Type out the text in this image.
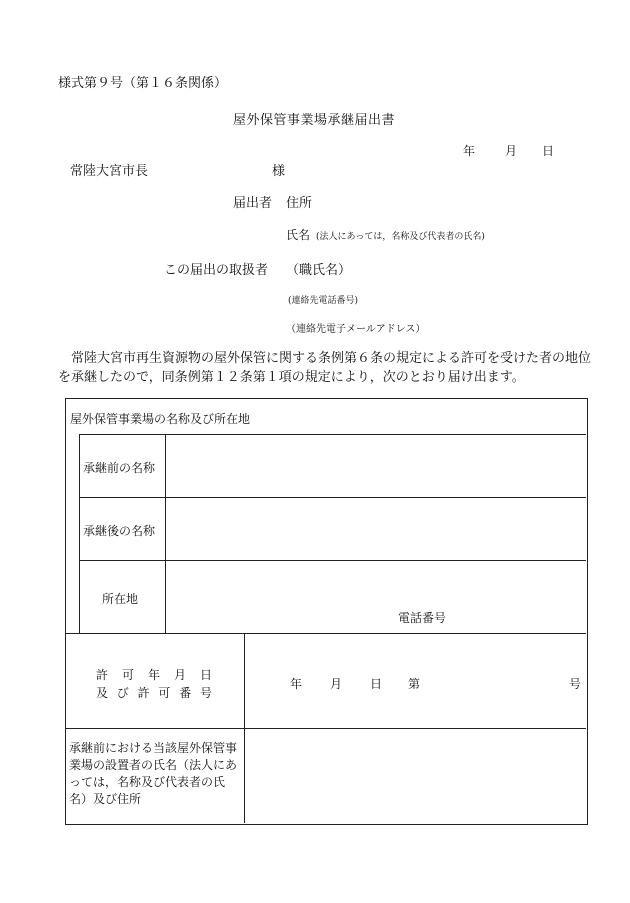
様式第９号（第１６条関係）
屋外保管事業場承継届出書
年 月 日
常陸大宮市長	様
届出者 住所
氏名 (法人にあっては，名称及び代表者の氏名)
この届出の取扱者 （職氏名）
(連絡先電話番号)
（連絡先電子メールアドレス）
常陸大宮市再生資源物の屋外保管に関する条例第６条の規定による許可を受けた者の地位を承継したので，同条例第１２条第１項の規定により，次のとおり届け出ます。
屋外保管事業場の名称及び所在地
承継前の名称
承継後の名称
所在地
電話番号
許 可 年 月 日
及 び 許 可 番 号
年 月 日 第	号
承継前における当該屋外保管事業場の設置者の氏名（法人にあっては，名称及び代表者の氏名）及び住所
